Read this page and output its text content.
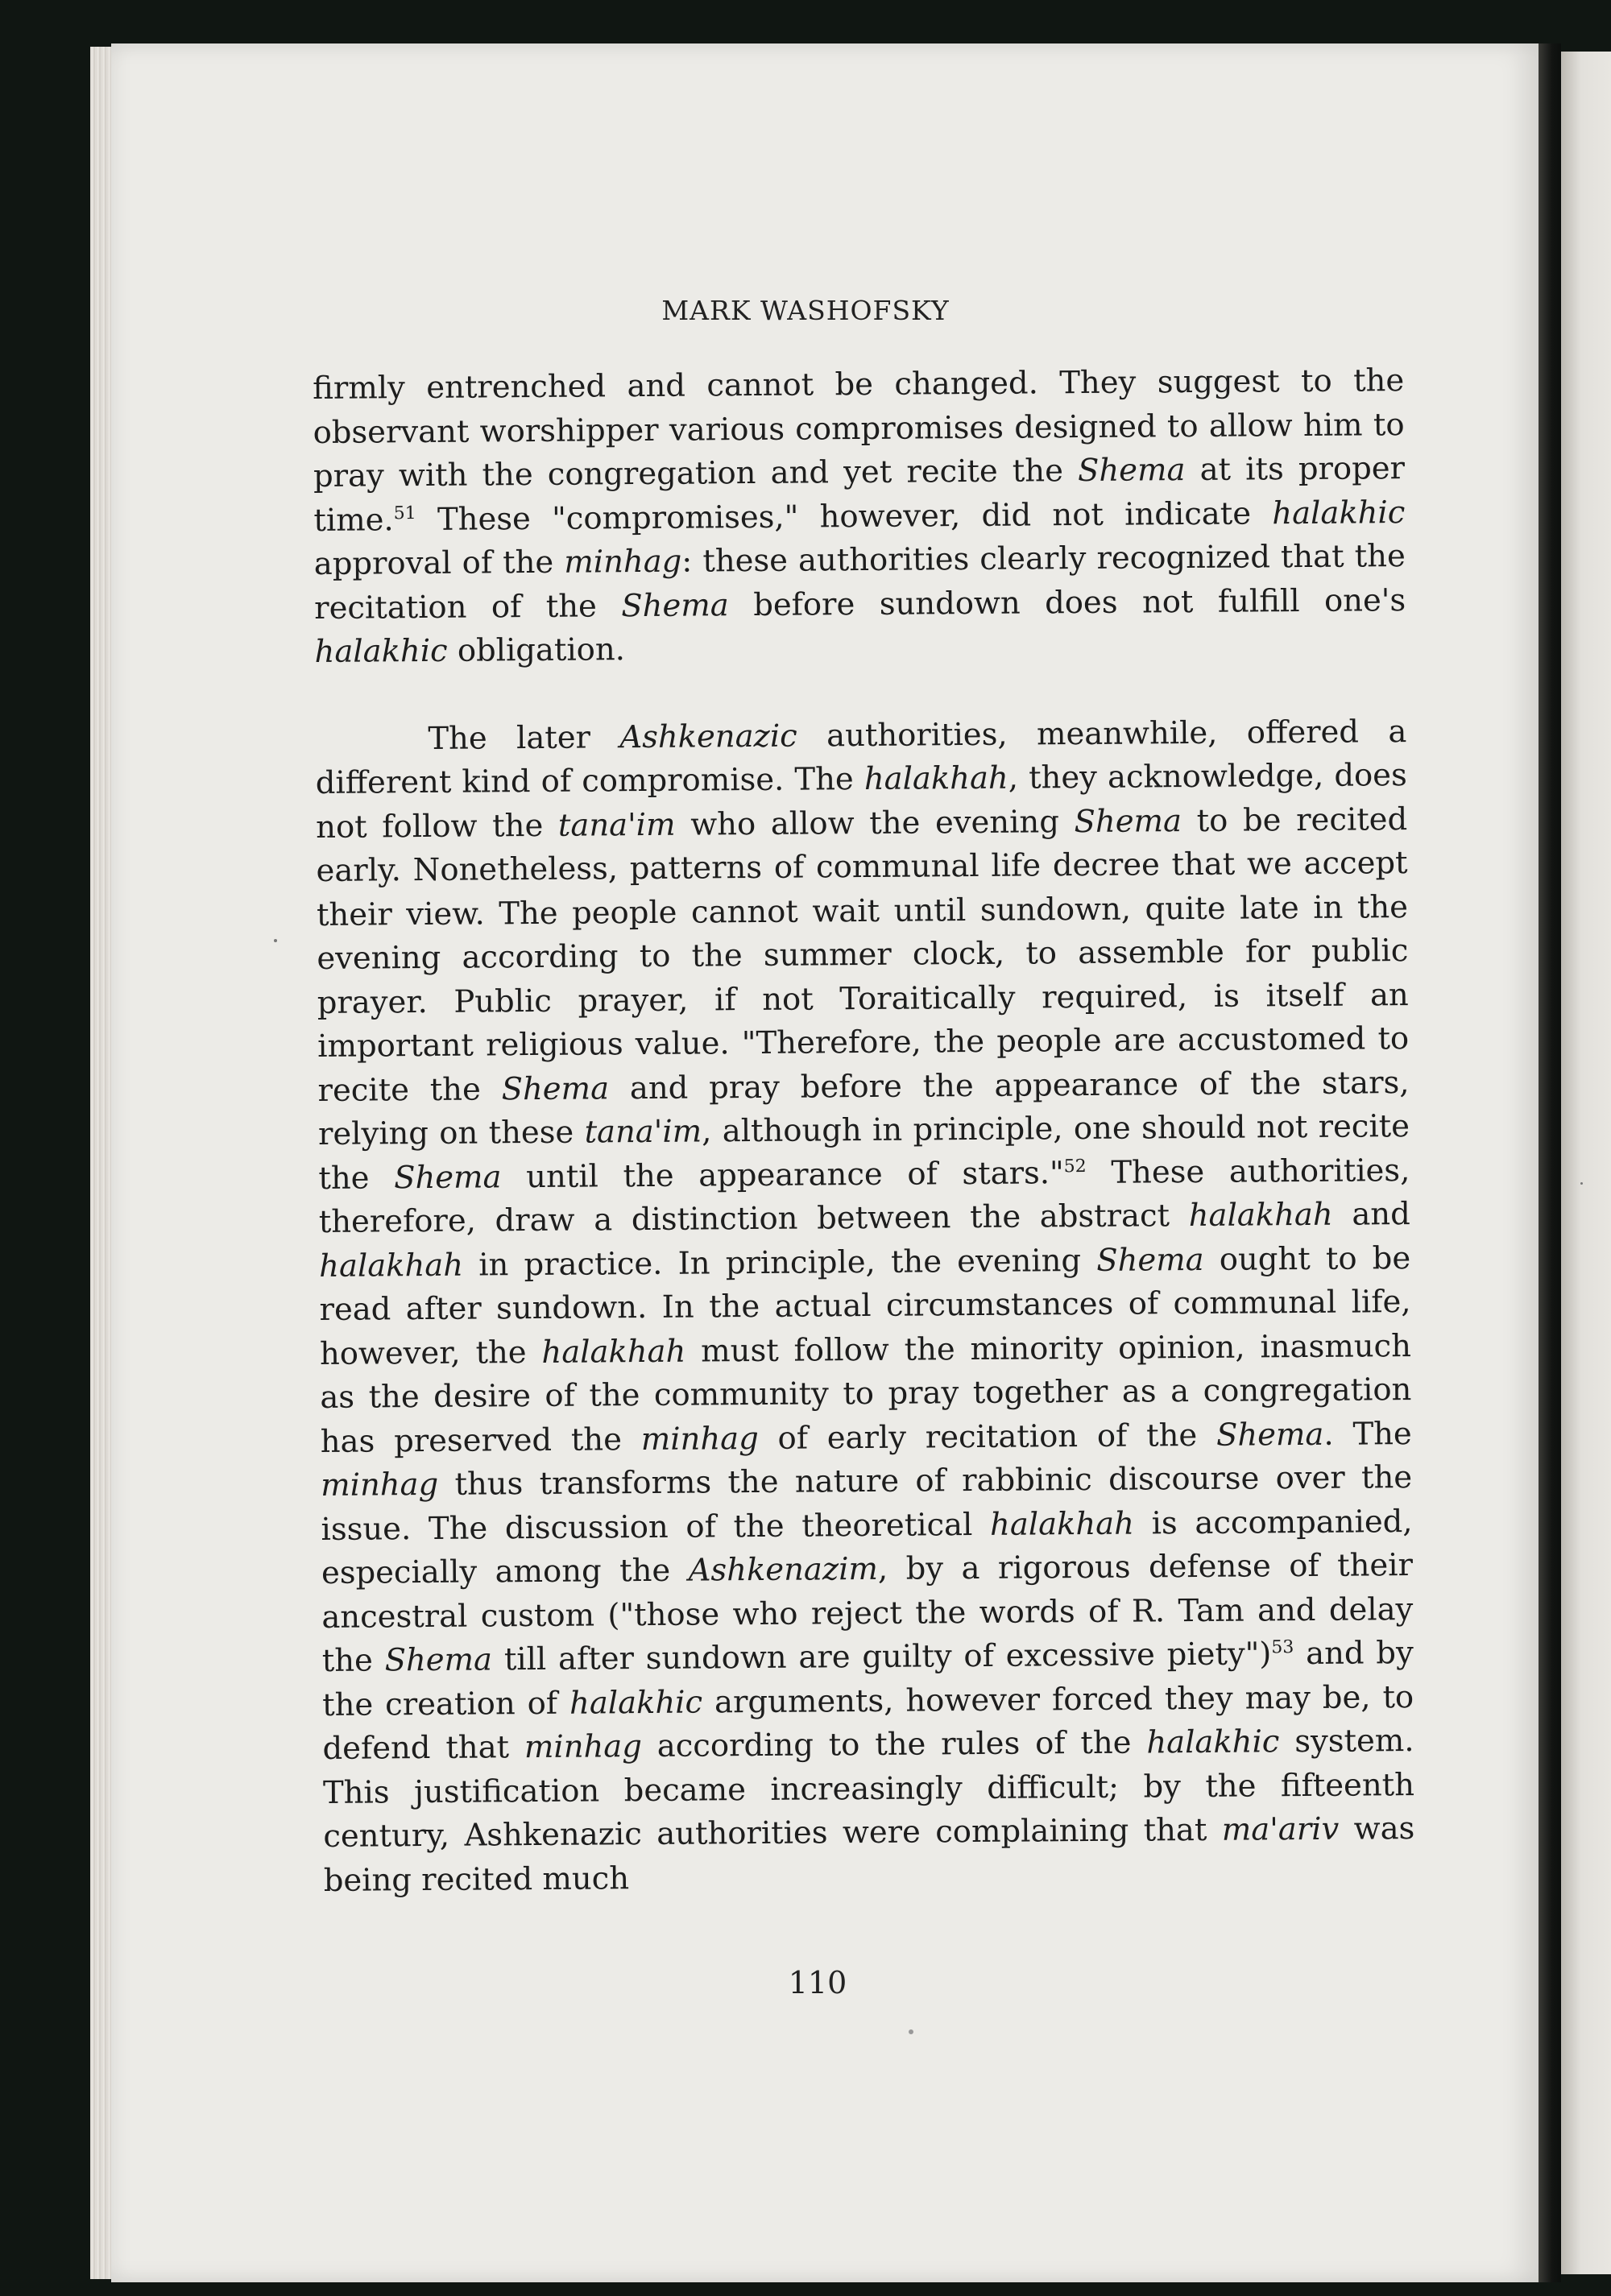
MARK WASHOFSKY

firmly entrenched and cannot be changed. They suggest to the observant worshipper various compromises designed to allow him to pray with the congregation and yet recite the Shema at its proper time.$^{51}$ These "compromises," however, did not indicate halakhic approval of the minhag: these authorities clearly recognized that the recitation of the Shema before sundown does not fulfill one's halakhic obligation.

The later Ashkenazic authorities, meanwhile, offered a different kind of compromise. The halakhah, they acknowledge, does not follow the tana'im who allow the evening Shema to be recited early. Nonetheless, patterns of communal life decree that we accept their view. The people cannot wait until sundown, quite late in the evening according to the summer clock, to assemble for public prayer. Public prayer, if not Toraitically required, is itself an important religious value. "Therefore, the people are accustomed to recite the Shema and pray before the appearance of the stars, relying on these tana'im, although in principle, one should not recite the Shema until the appearance of stars."$^{52}$ These authorities, therefore, draw a distinction between the abstract halakhah and halakhah in practice. In principle, the evening Shema ought to be read after sundown. In the actual circumstances of communal life, however, the halakhah must follow the minority opinion, inasmuch as the desire of the community to pray together as a congregation has preserved the minhag of early recitation of the Shema. The minhag thus transforms the nature of rabbinic discourse over the issue. The discussion of the theoretical halakhah is accompanied, especially among the Ashkenazim, by a rigorous defense of their ancestral custom ("those who reject the words of R. Tam and delay the Shema till after sundown are guilty of excessive piety")$^{53}$ and by the creation of halakhic arguments, however forced they may be, to defend that minhag according to the rules of the halakhic system. This justification became increasingly difficult; by the fifteenth century, Ashkenazic authorities were complaining that ma'ariv was being recited much

110
